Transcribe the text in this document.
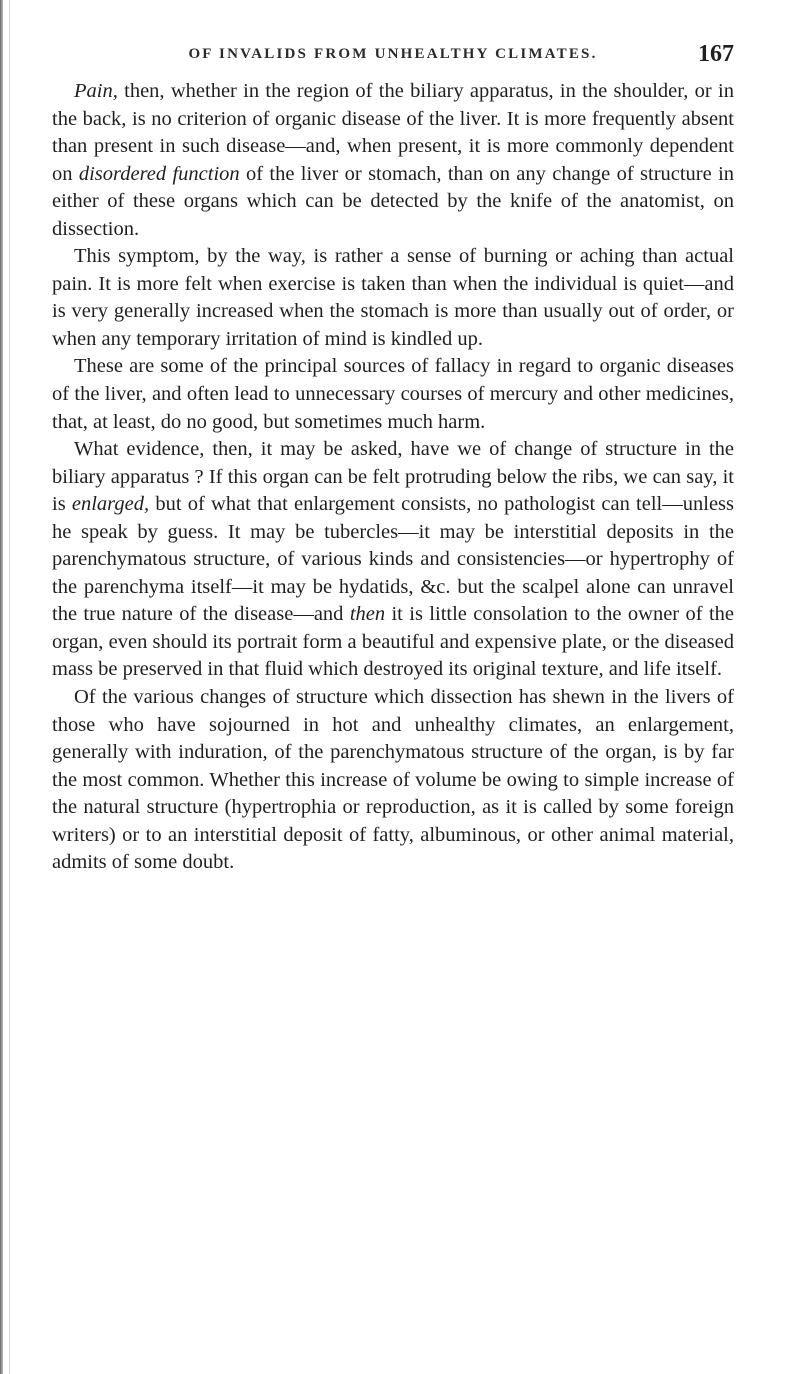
OF INVALIDS FROM UNHEALTHY CLIMATES.	167

Pain, then, whether in the region of the biliary apparatus, in the shoulder, or in the back, is no criterion of organic disease of the liver. It is more frequently absent than present in such disease—and, when present, it is more commonly dependent on disordered function of the liver or stomach, than on any change of structure in either of these organs which can be detected by the knife of the anatomist, on dissection.

This symptom, by the way, is rather a sense of burning or aching than actual pain. It is more felt when exercise is taken than when the individual is quiet—and is very generally increased when the stomach is more than usually out of order, or when any temporary irritation of mind is kindled up.

These are some of the principal sources of fallacy in regard to organic diseases of the liver, and often lead to unnecessary courses of mercury and other medicines, that, at least, do no good, but sometimes much harm.

What evidence, then, it may be asked, have we of change of structure in the biliary apparatus ? If this organ can be felt protruding below the ribs, we can say, it is enlarged, but of what that enlargement consists, no pathologist can tell—unless he speak by guess. It may be tubercles—it may be interstitial deposits in the parenchymatous structure, of various kinds and consistencies—or hypertrophy of the parenchyma itself—it may be hydatids, &c. but the scalpel alone can unravel the true nature of the disease—and then it is little consolation to the owner of the organ, even should its portrait form a beautiful and expensive plate, or the diseased mass be preserved in that fluid which destroyed its original texture, and life itself.

Of the various changes of structure which dissection has shewn in the livers of those who have sojourned in hot and unhealthy climates, an enlargement, generally with induration, of the parenchymatous structure of the organ, is by far the most common. Whether this increase of volume be owing to simple increase of the natural structure (hypertrophia or reproduction, as it is called by some foreign writers) or to an interstitial deposit of fatty, albuminous, or other animal material, admits of some doubt.
